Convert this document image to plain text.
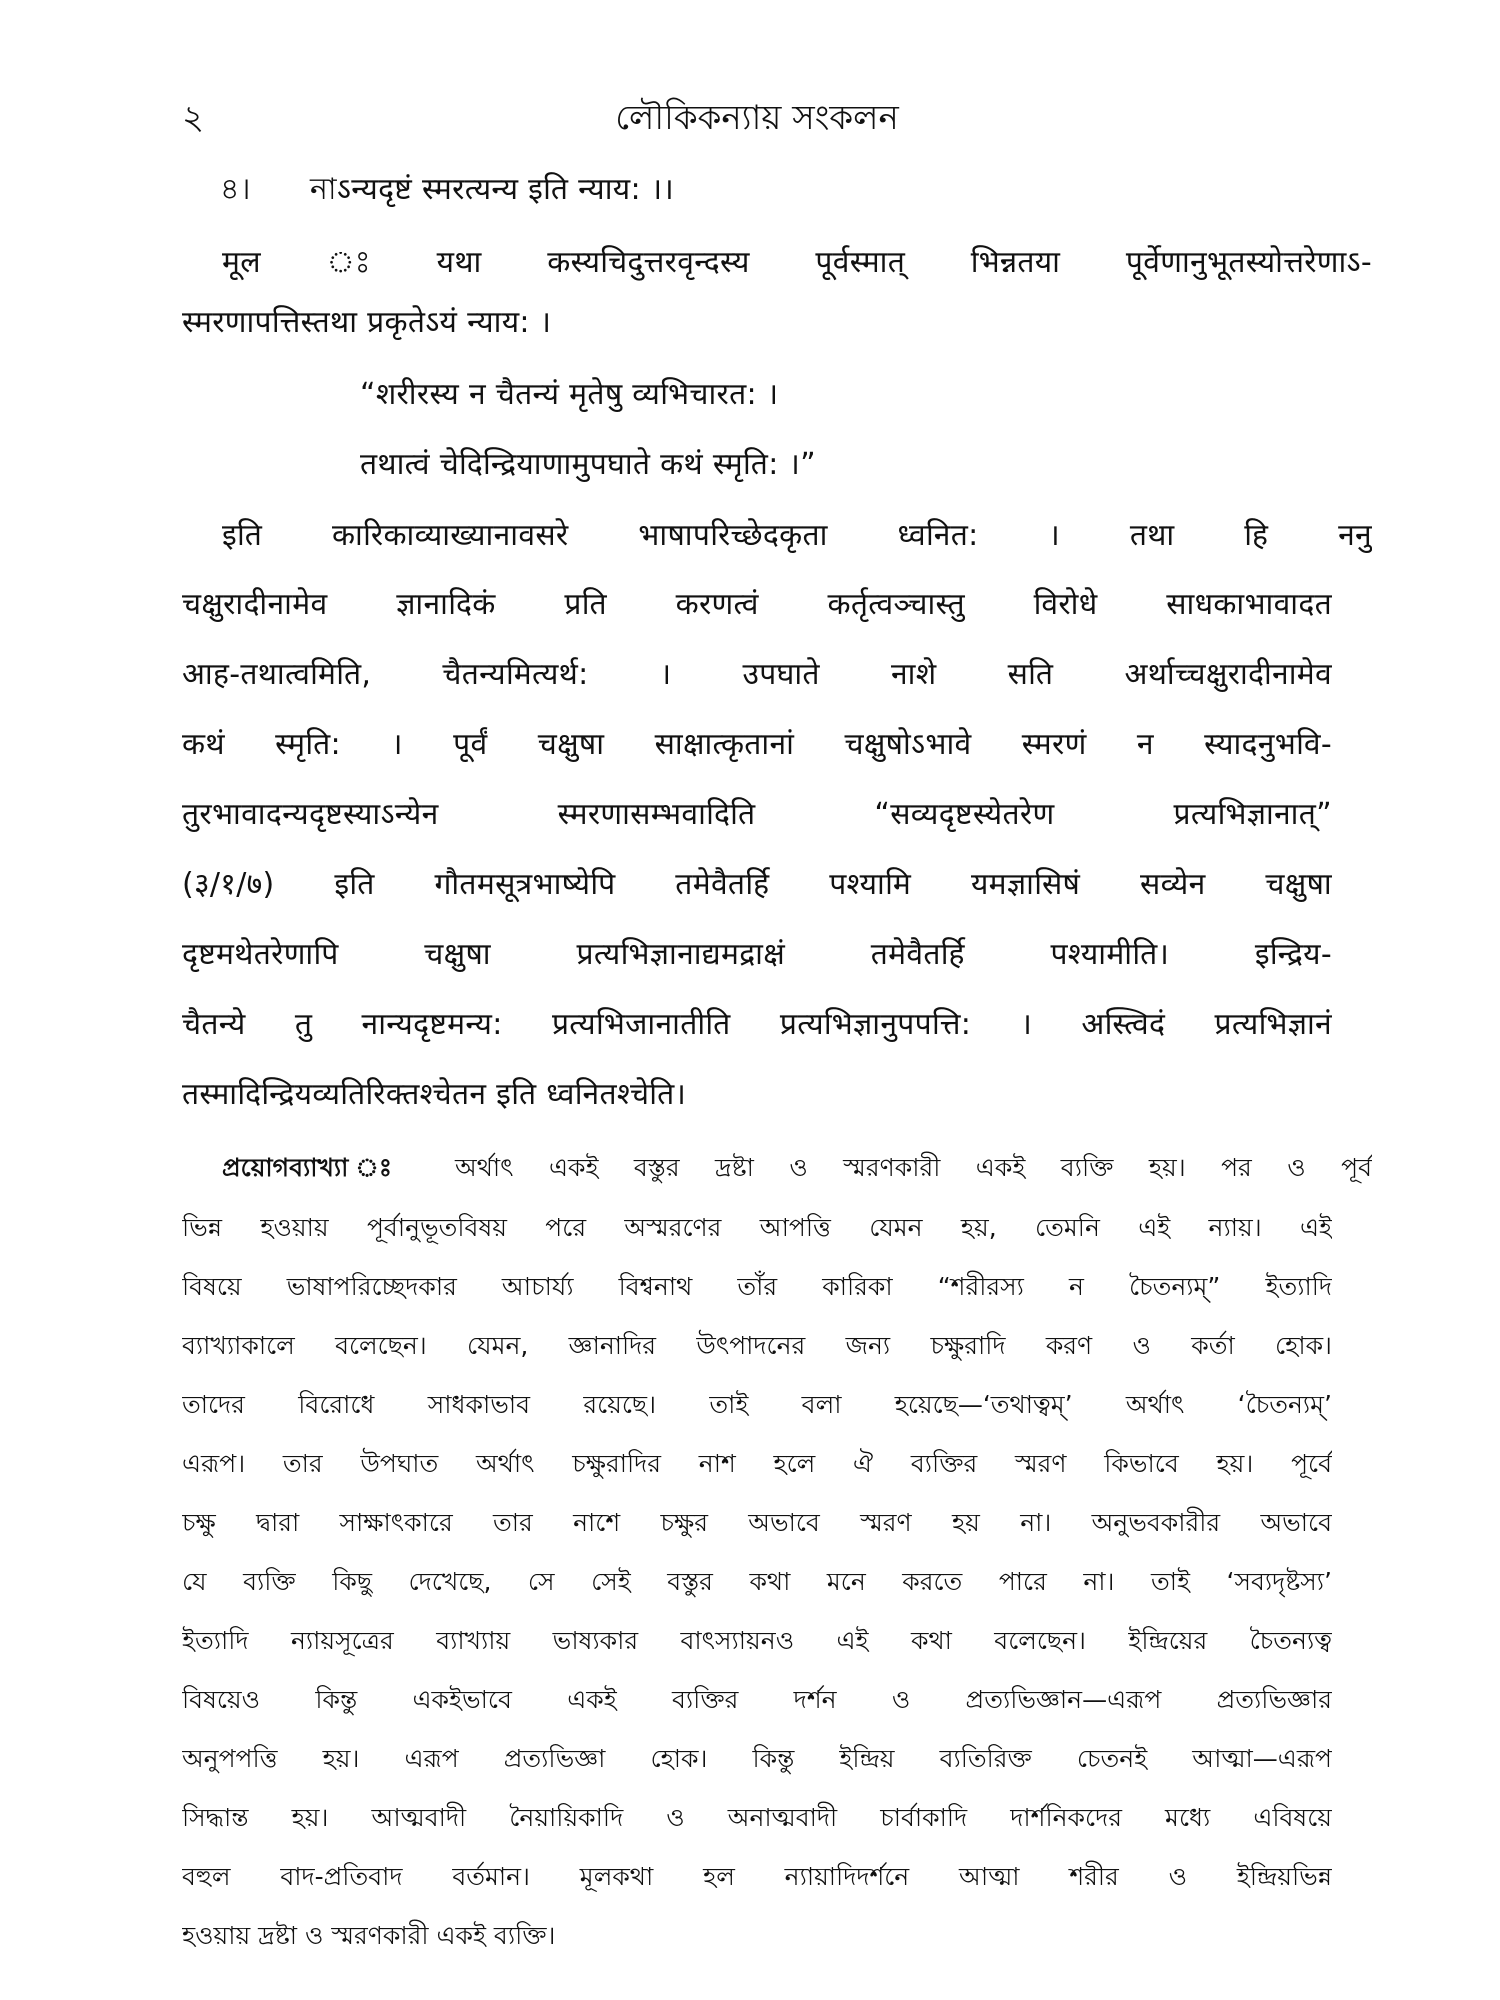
২	লৌকিকন্যায় সংকলন
৪। নাऽन्यदृष्टं स्मरत्यन्य इति न्याय: ।।
मूल ঃ यथा कस्यचिदुत्तरवृन्दस्य पूर्वस्मात् भिन्नतया पूर्वेणानुभूतस्योत्तरेणाऽ-
स्मरणापत्तिस्तथा प्रकृतेऽयं न्याय: ।
“शरीरस्य न चैतन्यं मृतेषु व्यभिचारत: ।
तथात्वं चेदिन्द्रियाणामुपघाते कथं स्मृति: ।”
इति कारिकाव्याख्यानावसरे भाषापरिच्छेदकृता ध्वनित: । तथा हि ननु
चक्षुरादीनामेव ज्ञानादिकं प्रति करणत्वं कर्तृत्वञ्चास्तु विरोधे साधकाभावादत
आह-तथात्वमिति, चैतन्यमित्यर्थ: । उपघाते नाशे सति अर्थाच्चक्षुरादीनामेव
कथं स्मृति: । पूर्वं चक्षुषा साक्षात्कृतानां चक्षुषोऽभावे स्मरणं न स्यादनुभवि-
तुरभावादन्यदृष्टस्याऽन्येन स्मरणासम्भवादिति “सव्यदृष्टस्येतरेण प्रत्यभिज्ञानात्”
(३/१/७) इति गौतमसूत्रभाष्येपि तमेवैतर्हि पश्यामि यमज्ञासिषं सव्येन चक्षुषा
दृष्टमथेतरेणापि चक्षुषा प्रत्यभिज्ञानाद्यमद्राक्षं तमेवैतर्हि पश्यामीति। इन्द्रिय-
चैतन्ये तु नान्यदृष्टमन्य: प्रत्यभिजानातीति प्रत्यभिज्ञानुपपत्ति: । अस्त्विदं प्रत्यभिज्ञानं
तस्मादिन्द्रियव्यतिरिक्तश्चेतन इति ध्वनितश्चेति।
প্রয়োগব্যাখ্যা ঃ অর্থাৎ একই বস্তুর দ্রষ্টা ও স্মরণকারী একই ব্যক্তি হয়। পর ও পূর্ব
ভিন্ন হওয়ায় পূর্বানুভূতবিষয় পরে অস্মরণের আপত্তি যেমন হয়, তেমনি এই ন্যায়। এই
বিষয়ে ভাষাপরিচ্ছেদকার আচার্য্য বিশ্বনাথ তাঁর কারিকা “শরীরস্য ন চৈতন্যম্” ইত্যাদি
ব্যাখ্যাকালে বলেছেন। যেমন, জ্ঞানাদির উৎপাদনের জন্য চক্ষুরাদি করণ ও কর্তা হোক।
তাদের বিরোধে সাধকাভাব রয়েছে। তাই বলা হয়েছে—‘তথাত্বম্’ অর্থাৎ ‘চৈতন্যম্’
এরূপ। তার উপঘাত অর্থাৎ চক্ষুরাদির নাশ হলে ঐ ব্যক্তির স্মরণ কিভাবে হয়। পূর্বে
চক্ষু দ্বারা সাক্ষাৎকারে তার নাশে চক্ষুর অভাবে স্মরণ হয় না। অনুভবকারীর অভাবে
যে ব্যক্তি কিছু দেখেছে, সে সেই বস্তুর কথা মনে করতে পারে না। তাই ‘সব্যদৃষ্টস্য’
ইত্যাদি ন্যায়সূত্রের ব্যাখ্যায় ভাষ্যকার বাৎস্যায়নও এই কথা বলেছেন। ইন্দ্রিয়ের চৈতন্যত্ব
বিষয়েও কিন্তু একইভাবে একই ব্যক্তির দর্শন ও প্রত্যভিজ্ঞান—এরূপ প্রত্যভিজ্ঞার
অনুপপত্তি হয়। এরূপ প্রত্যভিজ্ঞা হোক। কিন্তু ইন্দ্রিয় ব্যতিরিক্ত চেতনই আত্মা—এরূপ
সিদ্ধান্ত হয়। আত্মবাদী নৈয়ায়িকাদি ও অনাত্মবাদী চার্বাকাদি দার্শনিকদের মধ্যে এবিষয়ে
বহুল বাদ-প্রতিবাদ বর্তমান। মূলকথা হল ন্যায়াদিদর্শনে আত্মা শরীর ও ইন্দ্রিয়ভিন্ন
হওয়ায় দ্রষ্টা ও স্মরণকারী একই ব্যক্তি।
